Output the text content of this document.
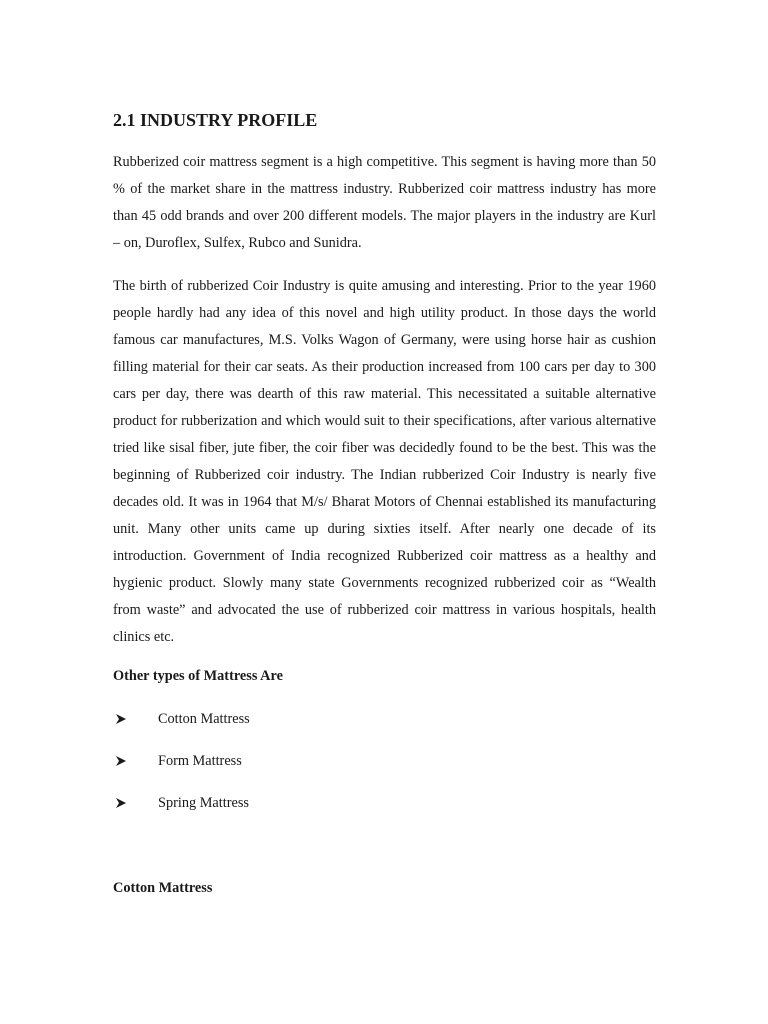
2.1 INDUSTRY PROFILE

Rubberized coir mattress segment is a high competitive. This segment is having more than 50 % of the market share in the mattress industry. Rubberized coir mattress industry has more than 45 odd brands and over 200 different models. The major players in the industry are Kurl – on, Duroflex, Sulfex, Rubco and Sunidra.

The birth of rubberized Coir Industry is quite amusing and interesting. Prior to the year 1960 people hardly had any idea of this novel and high utility product. In those days the world famous car manufactures, M.S. Volks Wagon of Germany, were using horse hair as cushion filling material for their car seats. As their production increased from 100 cars per day to 300 cars per day, there was dearth of this raw material. This necessitated a suitable alternative product for rubberization and which would suit to their specifications, after various alternative tried like sisal fiber, jute fiber, the coir fiber was decidedly found to be the best. This was the beginning of Rubberized coir industry. The Indian rubberized Coir Industry is nearly five decades old. It was in 1964 that M/s/ Bharat Motors of Chennai established its manufacturing unit. Many other units came up during sixties itself. After nearly one decade of its introduction. Government of India recognized Rubberized coir mattress as a healthy and hygienic product. Slowly many state Governments recognized rubberized coir as “Wealth from waste” and advocated the use of rubberized coir mattress in various hospitals, health clinics etc.

Other types of Mattress Are
Cotton Mattress
Form Mattress
Spring Mattress
Cotton Mattress
